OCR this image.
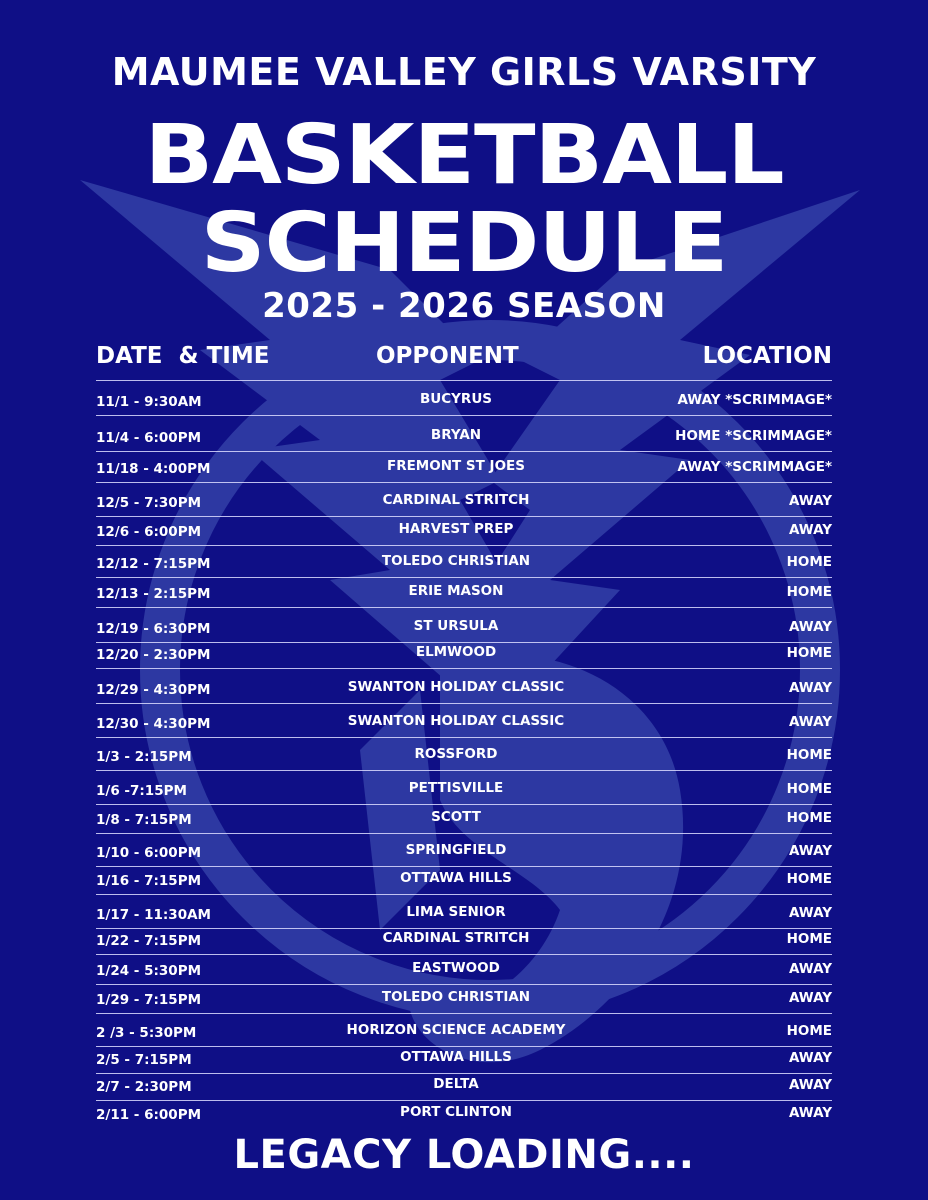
MAUMEE VALLEY GIRLS VARSITY
BASKETBALL
SCHEDULE
2025 - 2026 SEASON
DATE  & TIME	OPPONENT	LOCATION
11/1 - 9:30AM	BUCYRUS	AWAY *SCRIMMAGE*
11/4 - 6:00PM	BRYAN	HOME *SCRIMMAGE*
11/18 - 4:00PM	FREMONT ST JOES	AWAY *SCRIMMAGE*
12/5 - 7:30PM	CARDINAL STRITCH	AWAY
12/6 - 6:00PM	HARVEST PREP	AWAY
12/12 - 7:15PM	TOLEDO CHRISTIAN	HOME
12/13 - 2:15PM	ERIE MASON	HOME
12/19 - 6:30PM	ST URSULA	AWAY
12/20 - 2:30PM	ELMWOOD	HOME
12/29 - 4:30PM	SWANTON HOLIDAY CLASSIC	AWAY
12/30 - 4:30PM	SWANTON HOLIDAY CLASSIC	AWAY
1/3 - 2:15PM	ROSSFORD	HOME
1/6 -7:15PM	PETTISVILLE	HOME
1/8 - 7:15PM	SCOTT	HOME
1/10 - 6:00PM	SPRINGFIELD	AWAY
1/16 - 7:15PM	OTTAWA HILLS	HOME
1/17 - 11:30AM	LIMA SENIOR	AWAY
1/22 - 7:15PM	CARDINAL STRITCH	HOME
1/24 - 5:30PM	EASTWOOD	AWAY
1/29 - 7:15PM	TOLEDO CHRISTIAN	AWAY
2 /3 - 5:30PM	HORIZON SCIENCE ACADEMY	HOME
2/5 - 7:15PM	OTTAWA HILLS	AWAY
2/7 - 2:30PM	DELTA	AWAY
2/11 - 6:00PM	PORT CLINTON	AWAY
LEGACY LOADING....
